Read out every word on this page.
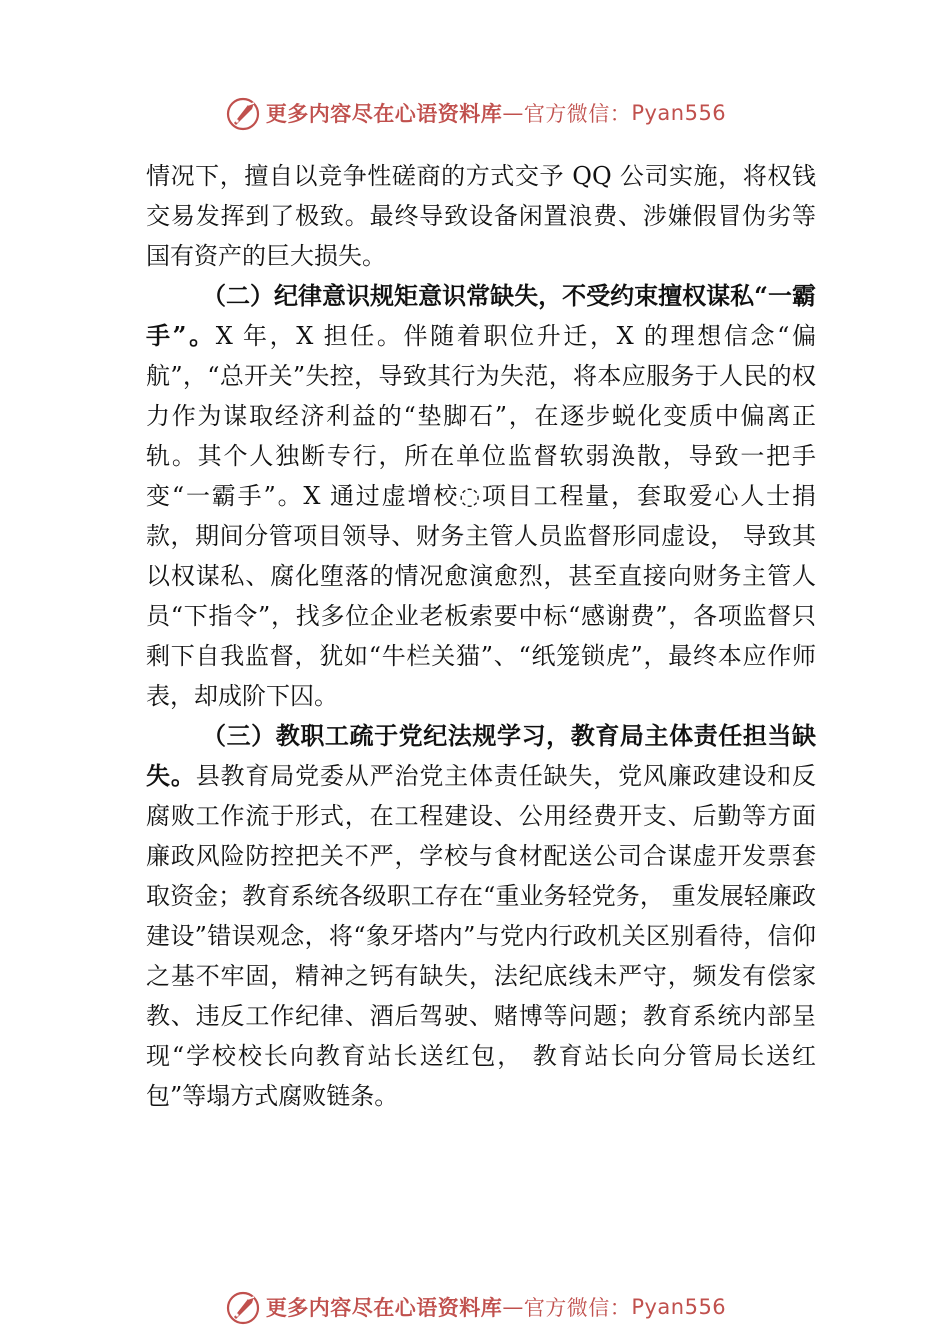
更多内容尽在心语资料库 — 官方微信： Pyan556

情况下，擅自以竞争性磋商的方式交予 QQ 公司实施，将权钱交易发挥到了极致。最终导致设备闲置浪费、涉嫌假冒伪劣等国有资产的巨大损失。

（二）纪律意识规矩意识常缺失，不受约束擅权谋私“一霸手”。X 年，X 担任。伴随着职位升迁，X 的理想信念“偏航”，“总开关”失控，导致其行为失范，将本应服务于人民的权力作为谋取经济利益的“垫脚石”，在逐步蜕化变质中偏离正轨。其个人独断专行，所在单位监督软弱涣散，导致一把手变“一霸手”。X 通过虚增校◌项目工程量，套取爱心人士捐款，期间分管项目领导、财务主管人员监督形同虚设， 导致其以权谋私、腐化堕落的情况愈演愈烈，甚至直接向财务主管人员“下指令”，找多位企业老板索要中标“感谢费”，各项监督只剩下自我监督，犹如“牛栏关猫”、“纸笼锁虎”，最终本应作师表，却成阶下囚。

（三）教职工疏于党纪法规学习，教育局主体责任担当缺失。县教育局党委从严治党主体责任缺失，党风廉政建设和反腐败工作流于形式，在工程建设、公用经费开支、后勤等方面廉政风险防控把关不严，学校与食材配送公司合谋虚开发票套取资金；教育系统各级职工存在“重业务轻党务， 重发展轻廉政建设”错误观念，将“象牙塔内”与党内行政机关区别看待，信仰之基不牢固，精神之钙有缺失，法纪底线未严守，频发有偿家教、违反工作纪律、酒后驾驶、赌博等问题；教育系统内部呈现“学校校长向教育站长送红包， 教育站长向分管局长送红包”等塌方式腐败链条。

更多内容尽在心语资料库 — 官方微信： Pyan556
